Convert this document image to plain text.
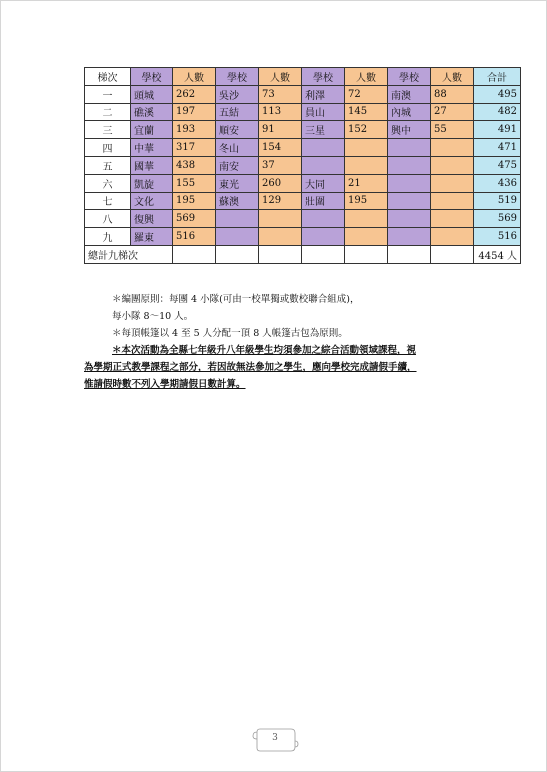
梯次	學校	人數	學校	人數	學校	人數	學校	人數	合計
一	頭城	262	吳沙	73	利澤	72	南澳	88	495
二	礁溪	197	五結	113	員山	145	內城	27	482
三	宜蘭	193	順安	91	三星	152	興中	55	491
四	中華	317	冬山	154					471
五	國華	438	南安	37					475
六	凱旋	155	東光	260	大同	21			436
七	文化	195	蘇澳	129	壯圍	195			519
八	復興	569							569
九	羅東	516							516
總計九梯次									4454 人
＊編團原則：每團 4 小隊(可由一校單獨或數校聯合組成)，
每小隊 8～10 人。
＊每頂帳篷以 4 至 5 人分配一頂 8 人帳篷古包為原則。
＊本次活動為全縣七年級升八年級學生均須參加之綜合活動領域課程，視
為學期正式教學課程之部分，若因故無法參加之學生，應向學校完成請假手續，
惟請假時數不列入學期請假日數計算。
3
